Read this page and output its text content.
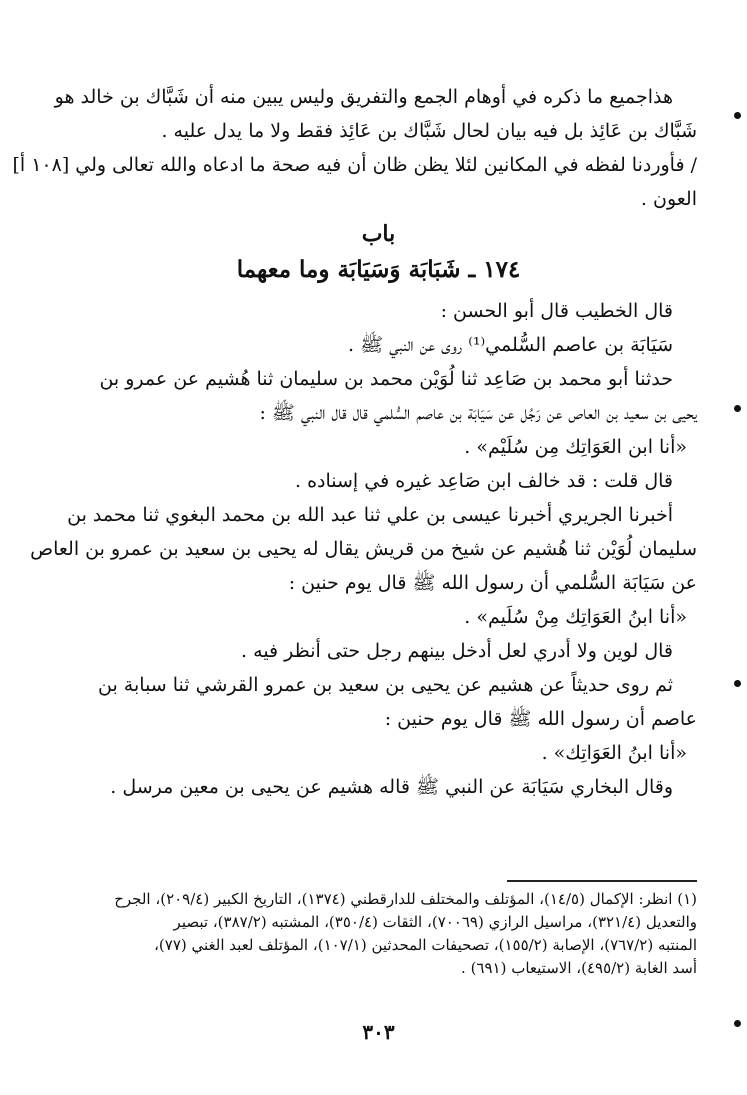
هذاجميع ما ذكره في أوهام الجمع والتفريق وليس يبين منه أن شَبَّاك بن خالد هو
شَبَّاك بن عَائِذ بل فيه بيان لحال شَبَّاك بن عَائِذ فقط ولا ما يدل عليه .
/ فأوردنا لفظه في المكانين لئلا يظن ظان أن فيه صحة ما ادعاه والله تعالى ولي [١٠٨ أ]
العون .
باب
١٧٤ ـ شَبَابَة وَسَيَابَة وما معهما
قال الخطيب قال أبو الحسن :
سَيَابَة بن عاصم السُّلمي⁽¹⁾ روى عن النبي ﷺ .
حدثنا أبو محمد بن صَاعِد ثنا لُوَيْن محمد بن سليمان ثنا هُشيم عن عمرو بن
يحيى بن سعيد بن العاص عن رَجُل عن سَيَابَة بن عاصم السُّلمي قال قال النبي ﷺ :
«أنا ابن العَوَاتِك مِن سُلَيْم» .
قال قلت : قد خالف ابن صَاعِد غيره في إسناده .
أخبرنا الجريري أخبرنا عيسى بن علي ثنا عبد الله بن محمد البغوي ثنا محمد بن
سليمان لُوَيْن ثنا هُشيم عن شيخ من قريش يقال له يحيى بن سعيد بن عمرو بن العاص
عن سَيَابَة السُّلمي أن رسول الله ﷺ قال يوم حنين :
«أنا ابنُ العَوَاتِك مِنْ سُلَيم» .
قال لوين ولا أدري لعل أدخل بينهم رجل حتى أنظر فيه .
ثم روى حديثاً عن هشيم عن يحيى بن سعيد بن عمرو القرشي ثنا سبابة بن
عاصم أن رسول الله ﷺ قال يوم حنين :
«أنا ابنُ العَوَاتِك» .
وقال البخاري سَيَابَة عن النبي ﷺ قاله هشيم عن يحيى بن معين مرسل .
(١) انظر: الإكمال (١٤/٥)، المؤتلف والمختلف للدارقطني (١٣٧٤)، التاريخ الكبير (٢٠٩/٤)، الجرح
والتعديل (٣٢١/٤)، مراسيل الرازي (٧٠٠٦٩)، الثقات (٣٥٠/٤)، المشتبه (٣٨٧/٢)، تبصير
المنتبه (٧٦٧/٢)، الإصابة (١٥٥/٢)، تصحيفات المحدثين (١٠٧/١)، المؤتلف لعبد الغني (٧٧)،
أسد الغابة (٤٩٥/٢)، الاستيعاب (٦٩١) .
٣٠٣
